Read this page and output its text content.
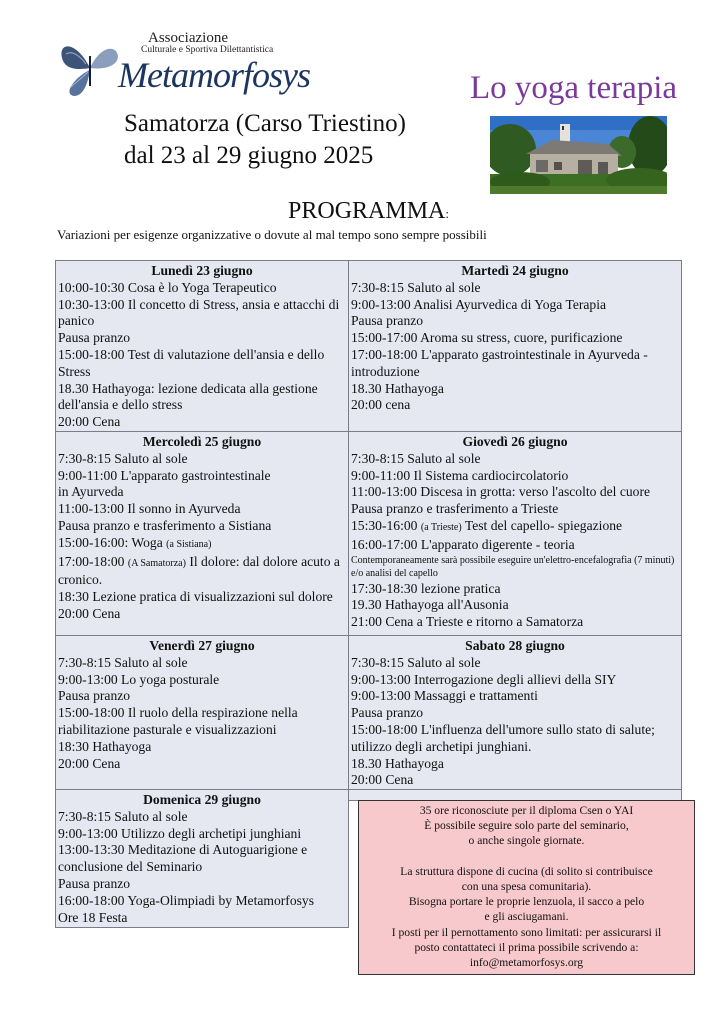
Associazione
Culturale e Sportiva Dilettantistica
Metamorfosys	Lo yoga terapia
Samatorza (Carso Triestino)
dal 23 al 29 giugno 2025
PROGRAMMA:
Variazioni per esigenze organizzative o dovute al mal tempo sono sempre possibili
Lunedì 23 giugno
10:00-10:30 Cosa è lo Yoga Terapeutico
10:30-13:00 Il concetto di Stress, ansia e attacchi di panico
Pausa pranzo
15:00-18:00 Test di valutazione dell'ansia e dello Stress
18.30 Hathayoga: lezione dedicata alla gestione dell'ansia e dello stress
20:00 Cena
Martedì 24 giugno
7:30-8:15 Saluto al sole
9:00-13:00 Analisi Ayurvedica di Yoga Terapia
Pausa pranzo
15:00-17:00 Aroma su stress, cuore, purificazione
17:00-18:00 L'apparato gastrointestinale in Ayurveda - introduzione
18.30 Hathayoga
20:00 cena
Mercoledì 25 giugno
7:30-8:15 Saluto al sole
9:00-11:00 L'apparato gastrointestinale
in Ayurveda
11:00-13:00 Il sonno in Ayurveda
Pausa pranzo e trasferimento a Sistiana
15:00-16:00: Woga (a Sistiana)
17:00-18:00 (A Samatorza) Il dolore: dal dolore acuto a cronico.
18:30 Lezione pratica di visualizzazioni sul dolore
20:00 Cena
Giovedì 26 giugno
7:30-8:15 Saluto al sole
9:00-11:00 Il Sistema cardiocircolatorio
11:00-13:00 Discesa in grotta: verso l'ascolto del cuore
Pausa pranzo e trasferimento a Trieste
15:30-16:00 (a Trieste) Test del capello- spiegazione
16:00-17:00 L'apparato digerente - teoria
Contemporaneamente sarà possibile eseguire un'elettro-encefalografia (7 minuti) e/o analisi del capello
17:30-18:30 lezione pratica
19.30 Hathayoga all'Ausonia
21:00 Cena a Trieste e ritorno a Samatorza
Venerdì 27 giugno
7:30-8:15 Saluto al sole
9:00-13:00 Lo yoga posturale
Pausa pranzo
15:00-18:00 Il ruolo della respirazione nella riabilitazione pasturale e visualizzazioni
18:30 Hathayoga
20:00 Cena
Sabato 28 giugno
7:30-8:15 Saluto al sole
9:00-13:00 Interrogazione degli allievi della SIY
9:00-13:00 Massaggi e trattamenti
Pausa pranzo
15:00-18:00 L'influenza dell'umore sullo stato di salute; utilizzo degli archetipi junghiani.
18.30 Hathayoga
20:00 Cena
Domenica 29 giugno
7:30-8:15 Saluto al sole
9:00-13:00 Utilizzo degli archetipi junghiani
13:00-13:30 Meditazione di Autoguarigione e conclusione del Seminario
Pausa pranzo
16:00-18:00 Yoga-Olimpiadi by Metamorfosys
Ore 18 Festa
35 ore riconosciute per il diploma Csen o YAI
È possibile seguire solo parte del seminario,
o anche singole giornate.

La struttura dispone di cucina (di solito si contribuisce
con una spesa comunitaria).
Bisogna portare le proprie lenzuola, il sacco a pelo
e gli asciugamani.
I posti per il pernottamento sono limitati: per assicurarsi il
posto contattateci il prima possibile scrivendo a:
info@metamorfosys.org
